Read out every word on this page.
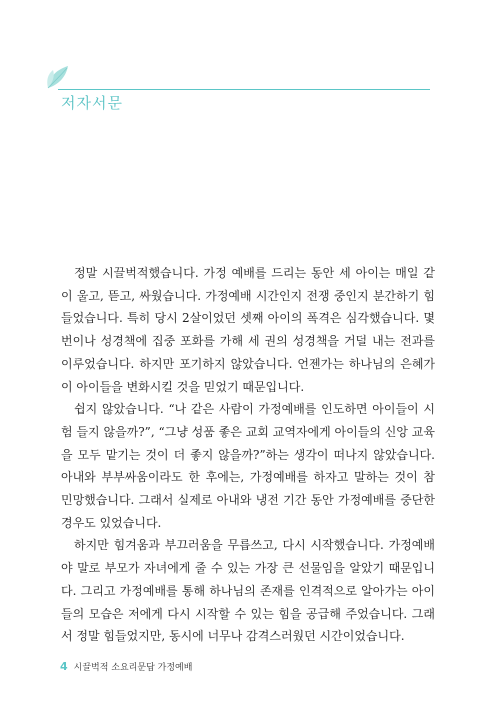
저자서문

정말 시끌벅적했습니다. 가정 예배를 드리는 동안 세 아이는 매일 같이 울고, 뜯고, 싸웠습니다. 가정예배 시간인지 전쟁 중인지 분간하기 힘들었습니다. 특히 당시 2살이었던 셋째 아이의 폭격은 심각했습니다. 몇 번이나 성경책에 집중 포화를 가해 세 권의 성경책을 거덜 내는 전과를 이루었습니다. 하지만 포기하지 않았습니다. 언젠가는 하나님의 은혜가 이 아이들을 변화시킬 것을 믿었기 때문입니다.

쉽지 않았습니다. “나 같은 사람이 가정예배를 인도하면 아이들이 시험 들지 않을까?”, “그냥 성품 좋은 교회 교역자에게 아이들의 신앙 교육을 모두 맡기는 것이 더 좋지 않을까?”하는 생각이 떠나지 않았습니다. 아내와 부부싸움이라도 한 후에는, 가정예배를 하자고 말하는 것이 참 민망했습니다. 그래서 실제로 아내와 냉전 기간 동안 가정예배를 중단한 경우도 있었습니다.

하지만 힘겨움과 부끄러움을 무릅쓰고, 다시 시작했습니다. 가정예배야 말로 부모가 자녀에게 줄 수 있는 가장 큰 선물임을 알았기 때문입니다. 그리고 가정예배를 통해 하나님의 존재를 인격적으로 알아가는 아이들의 모습은 저에게 다시 시작할 수 있는 힘을 공급해 주었습니다. 그래서 정말 힘들었지만, 동시에 너무나 감격스러웠던 시간이었습니다.

4 시끌벅적 소요리문답 가정예배
